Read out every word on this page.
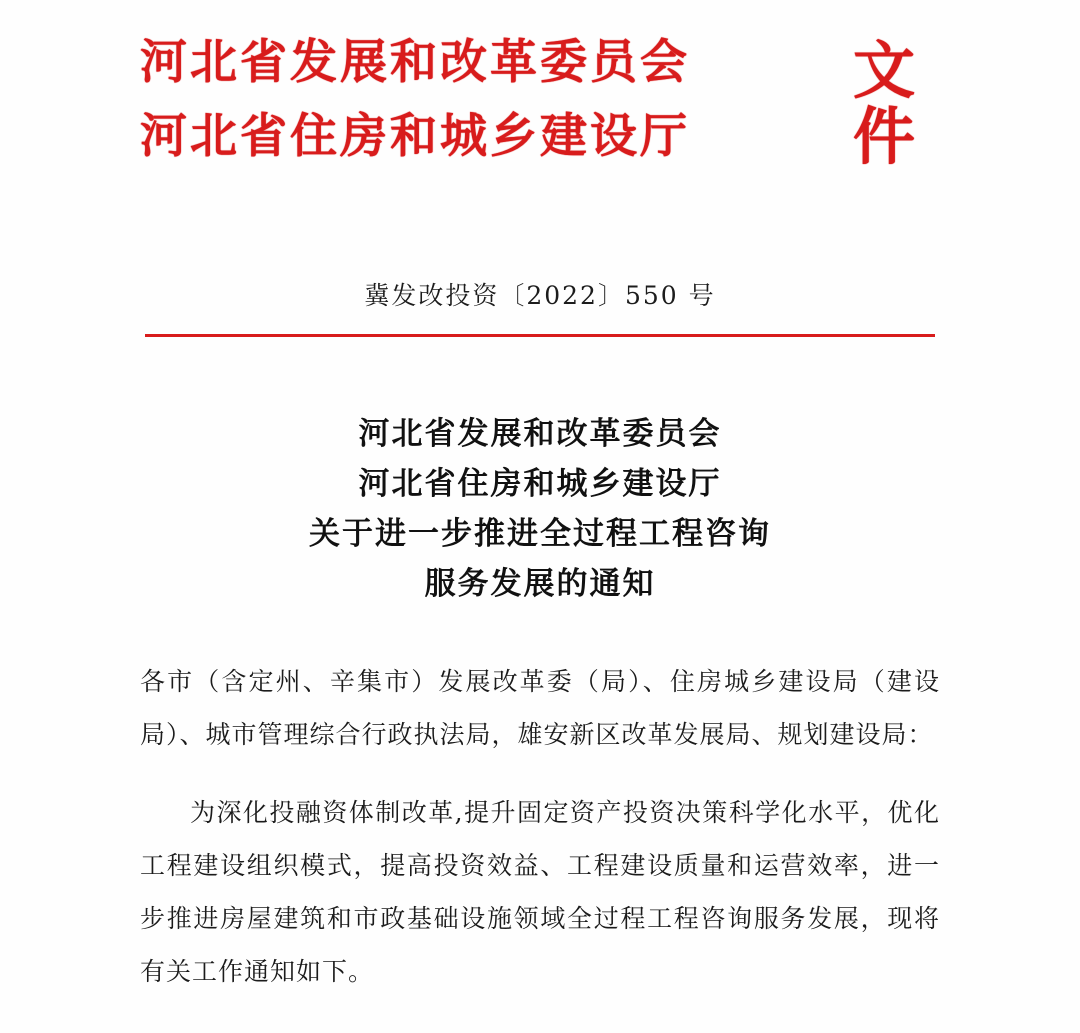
河北省发展和改革委员会
河北省住房和城乡建设厅
文件
冀发改投资〔2022〕550 号
河北省发展和改革委员会
河北省住房和城乡建设厅
关于进一步推进全过程工程咨询
服务发展的通知

各市（含定州、辛集市）发展改革委（局）、住房城乡建设局（建设局）、城市管理综合行政执法局，雄安新区改革发展局、规划建设局：

为深化投融资体制改革,提升固定资产投资决策科学化水平，优化工程建设组织模式，提高投资效益、工程建设质量和运营效率，进一步推进房屋建筑和市政基础设施领域全过程工程咨询服务发展，现将有关工作通知如下。
